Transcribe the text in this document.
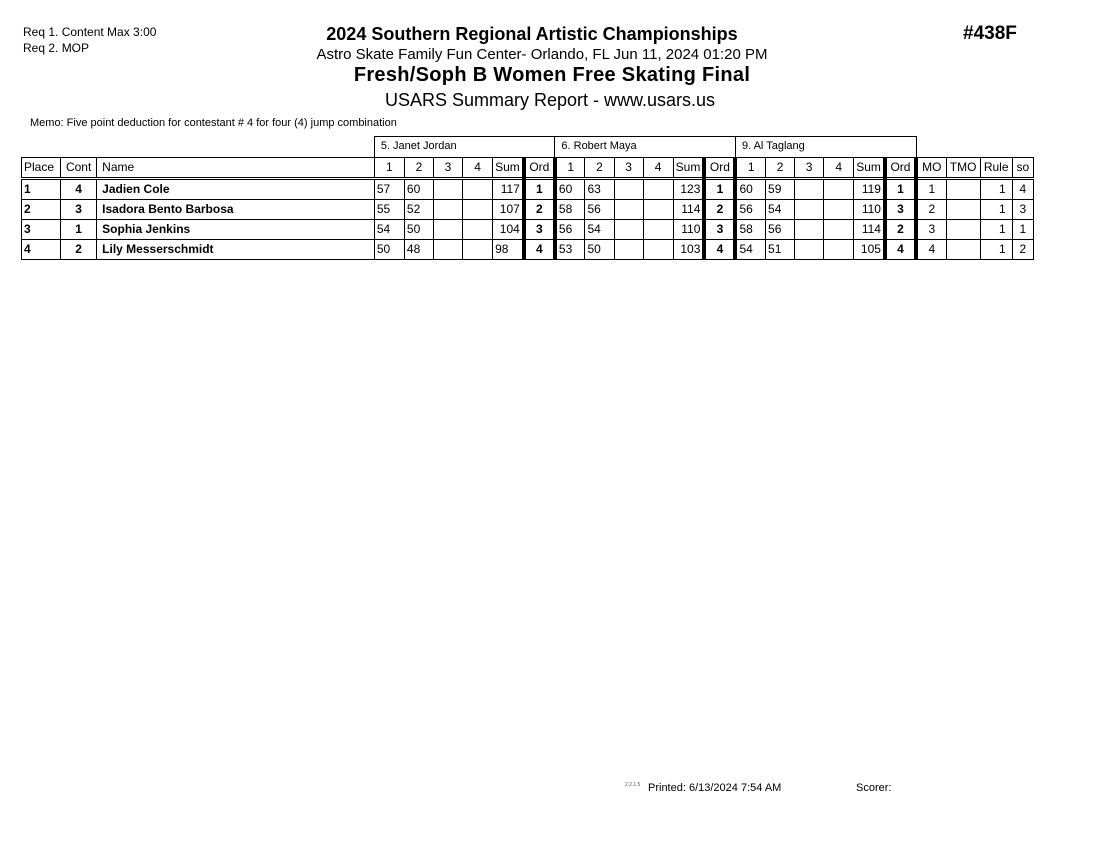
Req 1. Content Max 3:00
Req 2. MOP
2024 Southern Regional Artistic Championships
Astro Skate Family Fun Center- Orlando, FL Jun 11, 2024 01:20 PM
Fresh/Soph B Women Free Skating Final
USARS Summary Report - www.usars.us
#438F
Memo: Five point deduction for contestant # 4 for four (4) jump combination
			5. Janet Jordan						6. Robert Maya						9. Al Taglang									
Place	Cont	Name	1	2	3	4	Sum	Ord	1	2	3	4	Sum	Ord	1	2	3	4	Sum	Ord	MO	TMO	Rule	so
1	4	Jadien Cole	57	60			117	1	60	63			123	1	60	59			119	1	1		1	4
2	3	Isadora Bento Barbosa	55	52			107	2	58	56			114	2	56	54			110	3	2		1	3
3	1	Sophia Jenkins	54	50			104	3	56	54			110	3	58	56			114	2	3		1	1
4	2	Lily Messerschmidt	50	48			98	4	53	50			103	4	54	51			105	4	4		1	2
2.2.1.5 Printed: 6/13/2024 7:54 AM	Scorer:
